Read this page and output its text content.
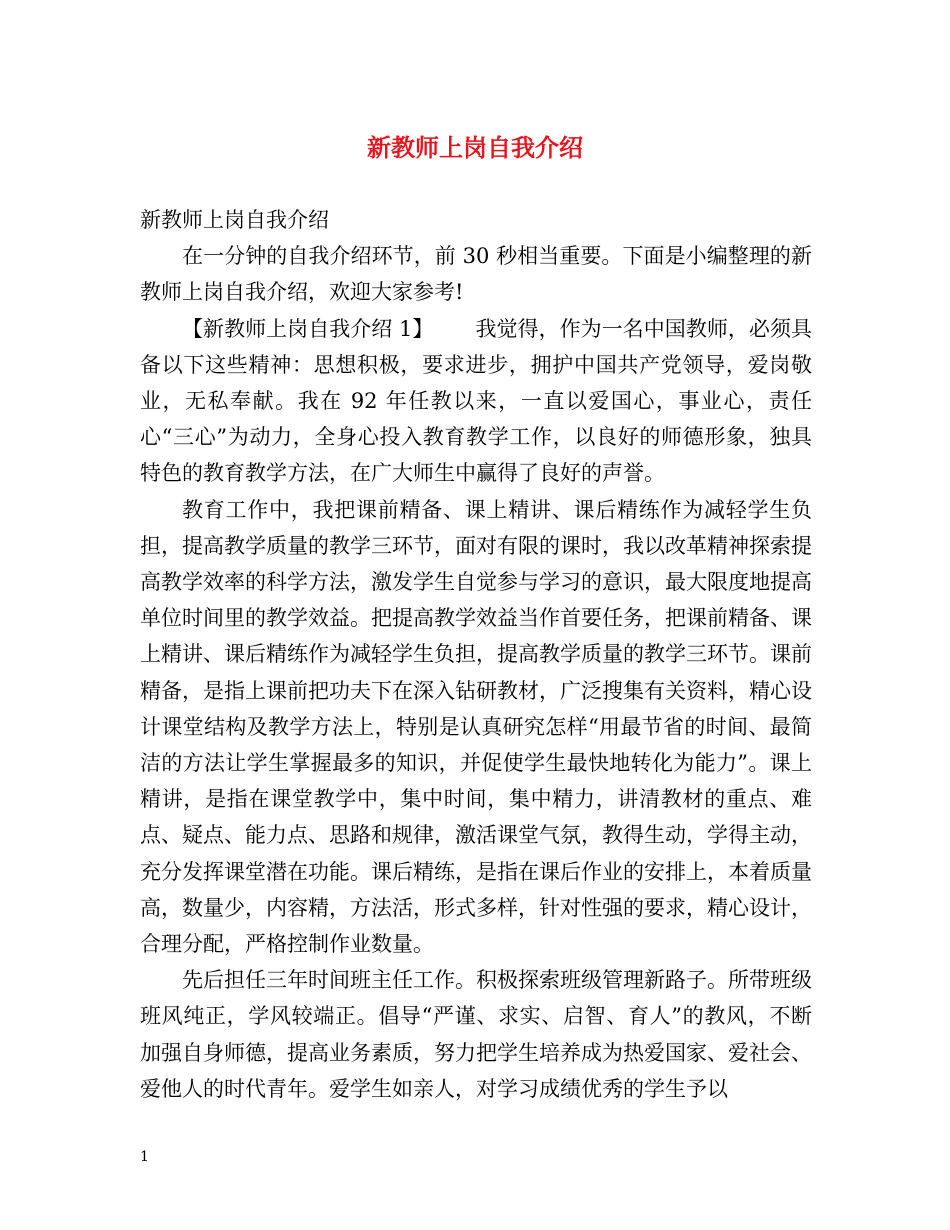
新教师上岗自我介绍

新教师上岗自我介绍

在一分钟的自我介绍环节，前 30 秒相当重要。下面是小编整理的新教师上岗自我介绍，欢迎大家参考!

【新教师上岗自我介绍 1】 我觉得，作为一名中国教师，必须具备以下这些精神：思想积极，要求进步，拥护中国共产党领导，爱岗敬业，无私奉献。我在 92 年任教以来，一直以爱国心，事业心，责任心“三心”为动力，全身心投入教育教学工作，以良好的师德形象，独具特色的教育教学方法，在广大师生中赢得了良好的声誉。

教育工作中，我把课前精备、课上精讲、课后精练作为减轻学生负担，提高教学质量的教学三环节，面对有限的课时，我以改革精神探索提高教学效率的科学方法，激发学生自觉参与学习的意识，最大限度地提高单位时间里的教学效益。把提高教学效益当作首要任务，把课前精备、课上精讲、课后精练作为减轻学生负担，提高教学质量的教学三环节。课前精备，是指上课前把功夫下在深入钻研教材，广泛搜集有关资料，精心设计课堂结构及教学方法上，特别是认真研究怎样“用最节省的时间、最简洁的方法让学生掌握最多的知识，并促使学生最快地转化为能力”。课上精讲，是指在课堂教学中，集中时间，集中精力，讲清教材的重点、难点、疑点、能力点、思路和规律，激活课堂气氛，教得生动，学得主动，充分发挥课堂潜在功能。课后精练，是指在课后作业的安排上，本着质量高，数量少，内容精，方法活，形式多样，针对性强的要求，精心设计，合理分配，严格控制作业数量。

先后担任三年时间班主任工作。积极探索班级管理新路子。所带班级班风纯正，学风较端正。倡导“严谨、求实、启智、育人”的教风，不断加强自身师德，提高业务素质，努力把学生培养成为热爱国家、爱社会、爱他人的时代青年。爱学生如亲人，对学习成绩优秀的学生予以

1
